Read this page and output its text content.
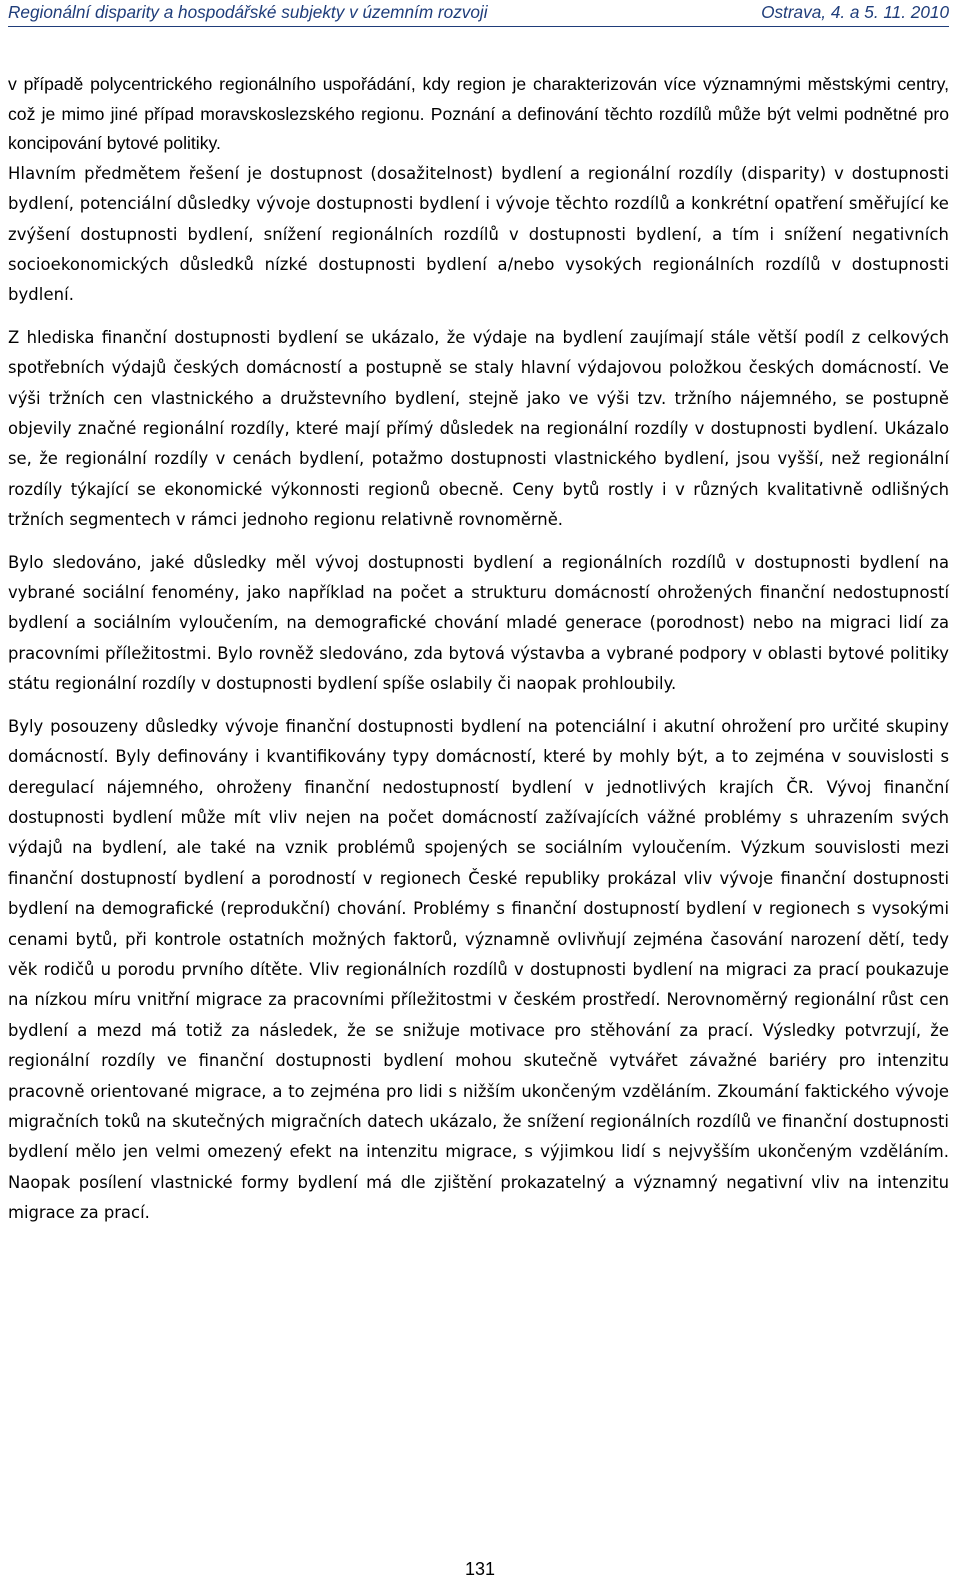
Regionální disparity a hospodářské subjekty v územním rozvoji	Ostrava, 4. a 5. 11. 2010

v případě polycentrického regionálního uspořádání, kdy region je charakterizován více významnými městskými centry, což je mimo jiné případ moravskoslezského regionu. Poznání a definování těchto rozdílů může být velmi podnětné pro koncipování bytové politiky.

Hlavním předmětem řešení je dostupnost (dosažitelnost) bydlení a regionální rozdíly (disparity) v dostupnosti bydlení, potenciální důsledky vývoje dostupnosti bydlení i vývoje těchto rozdílů a konkrétní opatření směřující ke zvýšení dostupnosti bydlení, snížení regionálních rozdílů v dostupnosti bydlení, a tím i snížení negativních socioekonomických důsledků nízké dostupnosti bydlení a/nebo vysokých regionálních rozdílů v dostupnosti bydlení.

Z hlediska finanční dostupnosti bydlení se ukázalo, že výdaje na bydlení zaujímají stále větší podíl z celkových spotřebních výdajů českých domácností a postupně se staly hlavní výdajovou položkou českých domácností. Ve výši tržních cen vlastnického a družstevního bydlení, stejně jako ve výši tzv. tržního nájemného, se postupně objevily značné regionální rozdíly, které mají přímý důsledek na regionální rozdíly v dostupnosti bydlení. Ukázalo se, že regionální rozdíly v cenách bydlení, potažmo dostupnosti vlastnického bydlení, jsou vyšší, než regionální rozdíly týkající se ekonomické výkonnosti regionů obecně. Ceny bytů rostly i v různých kvalitativně odlišných tržních segmentech v rámci jednoho regionu relativně rovnoměrně.

Bylo sledováno, jaké důsledky měl vývoj dostupnosti bydlení a regionálních rozdílů v dostupnosti bydlení na vybrané sociální fenomény, jako například na počet a strukturu domácností ohrožených finanční nedostupností bydlení a sociálním vyloučením, na demografické chování mladé generace (porodnost) nebo na migraci lidí za pracovními příležitostmi. Bylo rovněž sledováno, zda bytová výstavba a vybrané podpory v oblasti bytové politiky státu regionální rozdíly v dostupnosti bydlení spíše oslabily či naopak prohloubily.

Byly posouzeny důsledky vývoje finanční dostupnosti bydlení na potenciální i akutní ohrožení pro určité skupiny domácností. Byly definovány i kvantifikovány typy domácností, které by mohly být, a to zejména v souvislosti s deregulací nájemného, ohroženy finanční nedostupností bydlení v jednotlivých krajích ČR. Vývoj finanční dostupnosti bydlení může mít vliv nejen na počet domácností zažívajících vážné problémy s uhrazením svých výdajů na bydlení, ale také na vznik problémů spojených se sociálním vyloučením. Výzkum souvislosti mezi finanční dostupností bydlení a porodností v regionech České republiky prokázal vliv vývoje finanční dostupnosti bydlení na demografické (reprodukční) chování. Problémy s finanční dostupností bydlení v regionech s vysokými cenami bytů, při kontrole ostatních možných faktorů, významně ovlivňují zejména časování narození dětí, tedy věk rodičů u porodu prvního dítěte. Vliv regionálních rozdílů v dostupnosti bydlení na migraci za prací poukazuje na nízkou míru vnitřní migrace za pracovními příležitostmi v českém prostředí. Nerovnoměrný regionální růst cen bydlení a mezd má totiž za následek, že se snižuje motivace pro stěhování za prací. Výsledky potvrzují, že regionální rozdíly ve finanční dostupnosti bydlení mohou skutečně vytvářet závažné bariéry pro intenzitu pracovně orientované migrace, a to zejména pro lidi s nižším ukončeným vzděláním. Zkoumání faktického vývoje migračních toků na skutečných migračních datech ukázalo, že snížení regionálních rozdílů ve finanční dostupnosti bydlení mělo jen velmi omezený efekt na intenzitu migrace, s výjimkou lidí s nejvyšším ukončeným vzděláním. Naopak posílení vlastnické formy bydlení má dle zjištění prokazatelný a významný negativní vliv na intenzitu migrace za prací.

131
